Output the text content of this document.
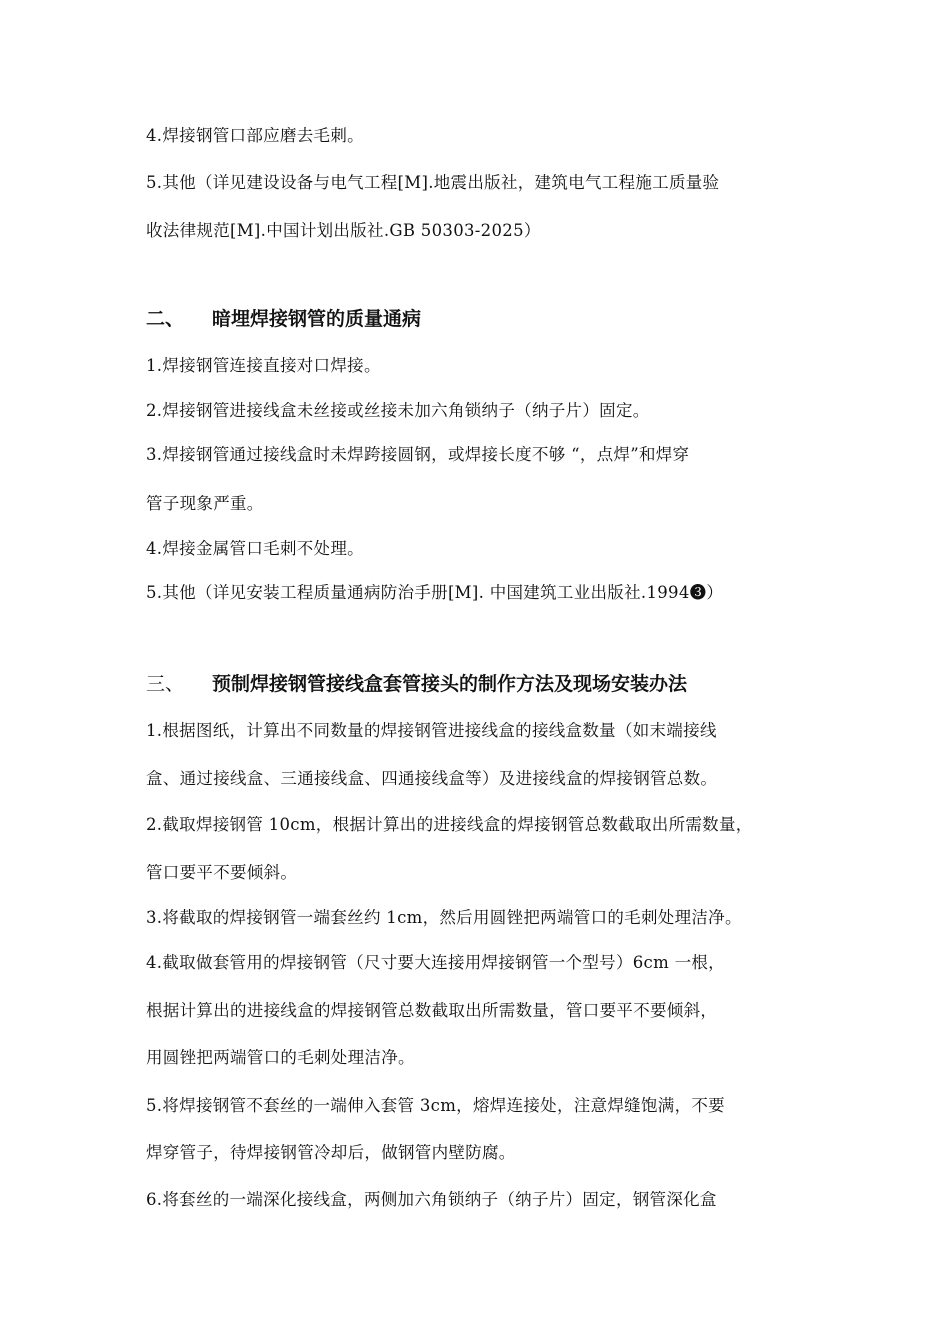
4.焊接钢管口部应磨去毛刺。
5.其他（详见建设设备与电气工程[M].地震出版社，建筑电气工程施工质量验
收法律规范[M].中国计划出版社.GB 50303-2025）
二、 暗埋焊接钢管的质量通病
1.焊接钢管连接直接对口焊接。
2.焊接钢管进接线盒未丝接或丝接未加六角锁纳子（纳子片）固定。
3.焊接钢管通过接线盒时未焊跨接圆钢，或焊接长度不够 “，点焊”和焊穿
管子现象严重。
4.焊接金属管口毛刺不处理。
5.其他（详见安装工程质量通病防治手册[M]. 中国建筑工业出版社.1994❸）
三、 预制焊接钢管接线盒套管接头的制作方法及现场安装办法
1.根据图纸，计算出不同数量的焊接钢管进接线盒的接线盒数量（如末端接线
盒、通过接线盒、三通接线盒、四通接线盒等）及进接线盒的焊接钢管总数。
2.截取焊接钢管 10cm，根据计算出的进接线盒的焊接钢管总数截取出所需数量，
管口要平不要倾斜。
3.将截取的焊接钢管一端套丝约 1cm，然后用圆锉把两端管口的毛刺处理洁净。
4.截取做套管用的焊接钢管（尺寸要大连接用焊接钢管一个型号）6cm 一根，
根据计算出的进接线盒的焊接钢管总数截取出所需数量，管口要平不要倾斜，
用圆锉把两端管口的毛刺处理洁净。
5.将焊接钢管不套丝的一端伸入套管 3cm，熔焊连接处，注意焊缝饱满，不要
焊穿管子，待焊接钢管冷却后，做钢管内壁防腐。
6.将套丝的一端深化接线盒，两侧加六角锁纳子（纳子片）固定，钢管深化盒
